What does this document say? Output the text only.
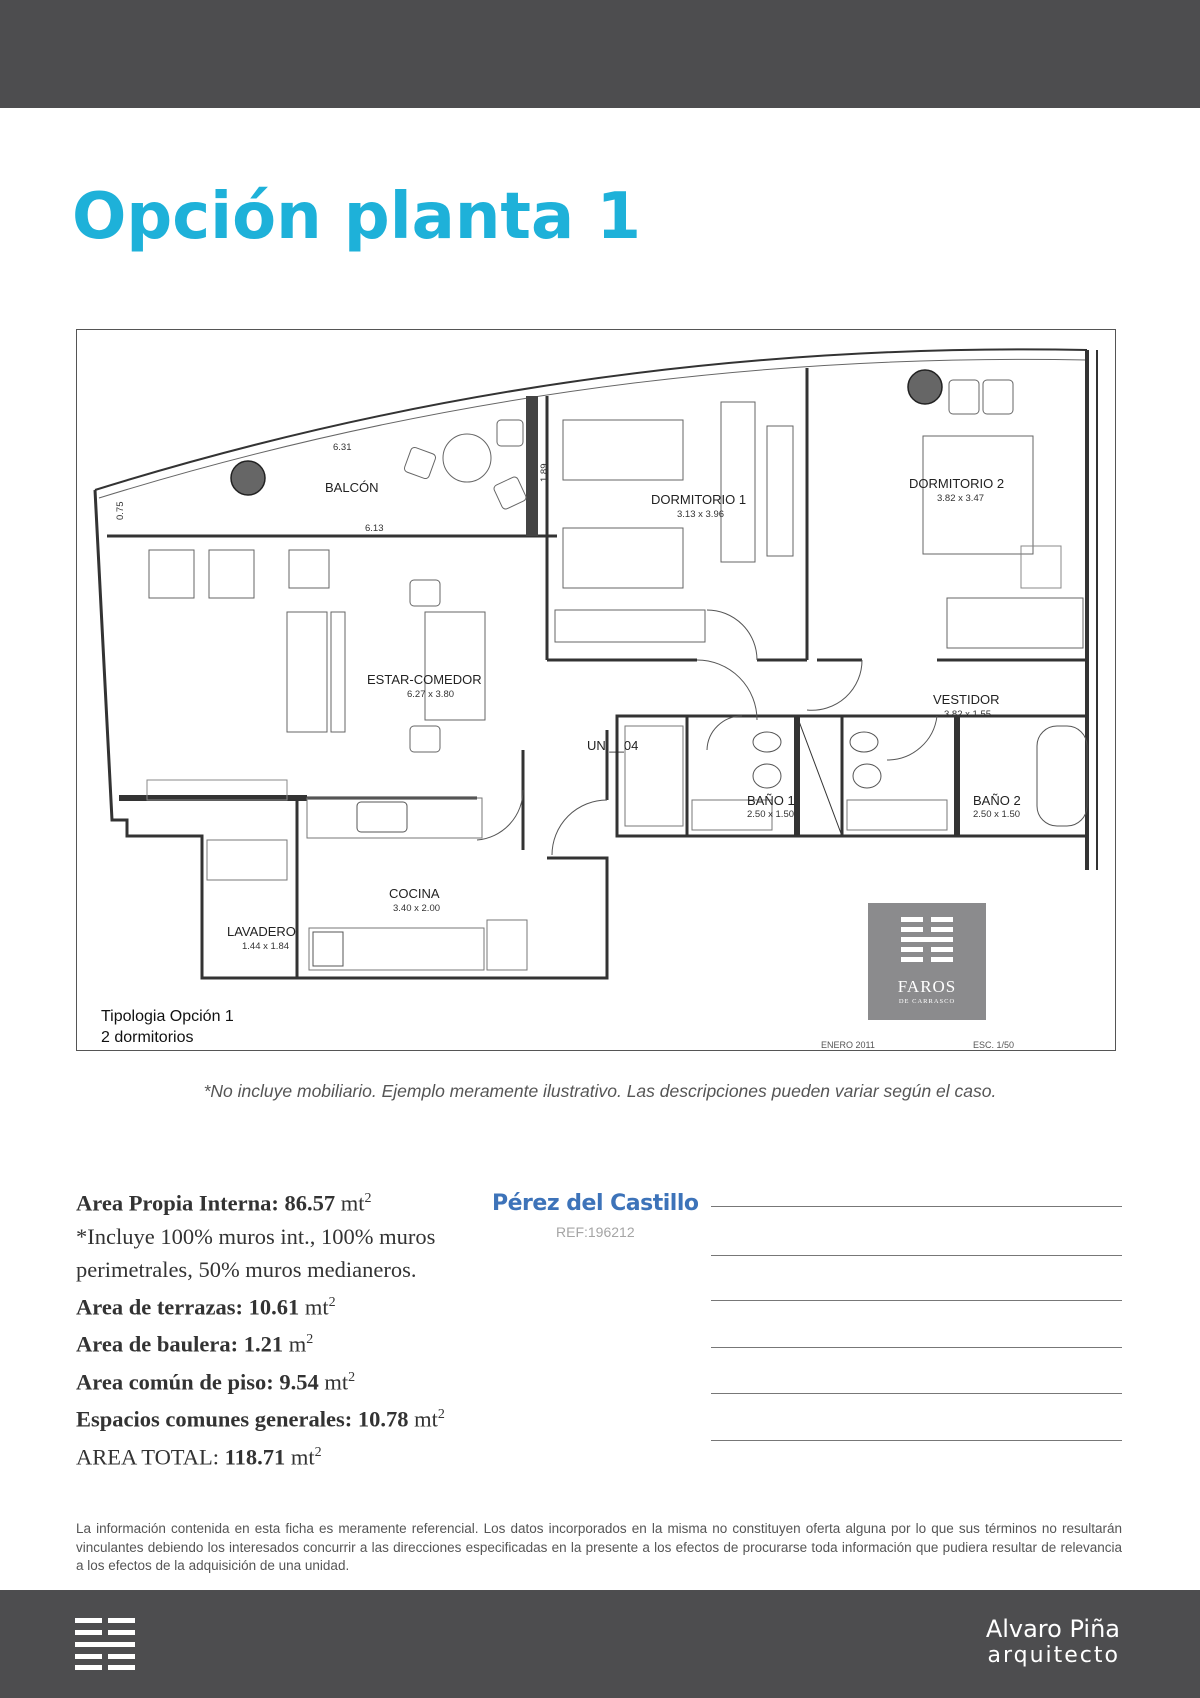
Opción planta 1
BALCÓN
DORMITORIO 1
3.13 x 3.96
DORMITORIO 2
3.82 x 3.47
ESTAR-COMEDOR
6.27 x 3.80	VESTIDOR
3.82 x 1.55
BAÑO 1
2.50 x 1.50
BAÑO 2
2.50 x 1.50
COCINA
3.40 x 2.00
LAVADERO
1.44 x 1.84
UN __04
6.31
6.13
1.89
0.75
Tipologia Opción 1
2 dormitorios
FAROS
DE CARRASCO
ENERO 2011	ESC. 1/50
*No incluye mobiliario. Ejemplo meramente ilustrativo. Las descripciones pueden variar según el caso.
Area Propia Interna: 86.57 $mt^2$
*Incluye 100% muros int., 100% muros
perimetrales, 50% muros medianeros.
Area de terrazas: 10.61 $mt^2$
Area de baulera: 1.21 $m^2$
Area común de piso: 9.54 $mt^2$
Espacios comunes generales: 10.78 $mt^2$
AREA TOTAL: 118.71 $mt^2$
Pérez del Castillo
REF:196212
La información contenida en esta ficha es meramente referencial. Los datos incorporados en la misma no constituyen oferta alguna por lo que sus términos no resultarán vinculantes debiendo los interesados concurrir a las direcciones especificadas en la presente a los efectos de procurarse toda información que pudiera resultar de relevancia a los efectos de la adquisición de una unidad.
Alvaro Piña
arquitecto
